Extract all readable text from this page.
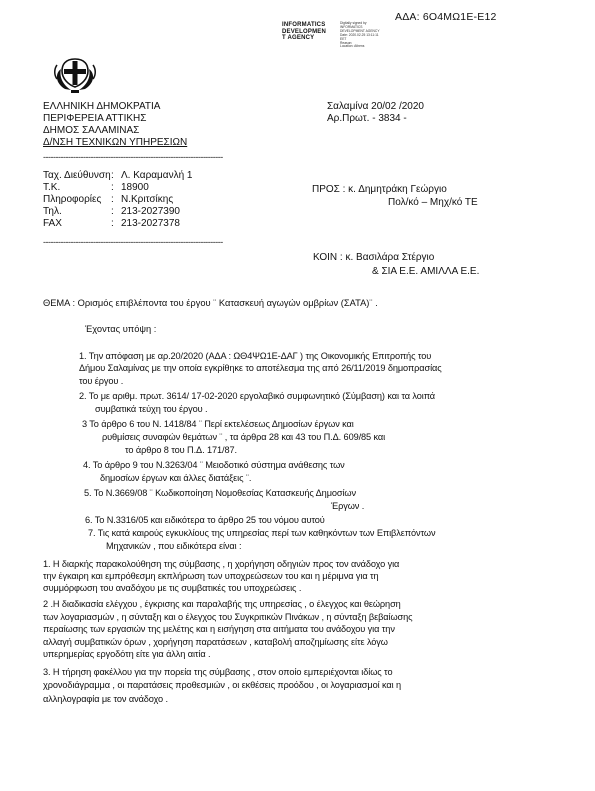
ΑΔΑ: 6Ο4ΜΩ1Ε-Ε12
INFORMATICS
DEVELOPMEN
T AGENCY
Digitally signed by
INFORMATICS
DEVELOPMENT AGENCY
Date: 2020.02.25 13:11:11
EET
Reason:
Location: Athens
ΕΛΛΗΝΙΚΗ ΔΗΜΟΚΡΑΤΙΑ
ΠΕΡΙΦΕΡΕΙΑ ΑΤΤΙΚΗΣ
ΔΗΜΟΣ ΣΑΛΑΜΙΝΑΣ
Δ/ΝΣΗ ΤΕΧΝΙΚΩΝ ΥΠΗΡΕΣΙΩΝ
------------------------------------------------------------------------
Ταχ. Διεύθυνση : Λ. Καραμανλή 1
Τ.Κ.	: 18900
Πληροφορίες : Ν.Κριτσίκης
Τηλ.	: 213-2027390
FAX	: 213-2027378
------------------------------------------------------------------------
Σαλαμίνα 20/02 /2020
Αρ.Πρωτ. - 3834 -
ΠΡΟΣ : κ. Δημητράκη Γεώργιο
Πολ/κό – Μηχ/κό ΤΕ
ΚΟΙΝ : κ. Βασιλάρα Στέργιο
& ΣΙΑ Ε.Ε. ΑΜΙΛΛΑ Ε.Ε.
ΘΕΜΑ : Ορισμός επιβλέποντα του έργου ¨ Κατασκευή αγωγών ομβρίων (ΣΑΤΑ)¨ .
Έχοντας υπόψη :
1. Την απόφαση με αρ.20/2020 (ΑΔΑ : ΩΘ4ΨΩ1Ε-ΔΑΓ ) της Οικονομικής Επιτροπής του
Δήμου Σαλαμίνας με την οποία εγκρίθηκε το αποτέλεσμα της από 26/11/2019 δημοπρασίας
του έργου .
2. Το με αριθμ. πρωτ. 3614/ 17-02-2020 εργολαβικό συμφωνητικό (Σύμβαση) και τα λοιπά
συμβατικά τεύχη του έργου .
3 Το άρθρο 6 του Ν. 1418/84 ¨ Περί εκτελέσεως Δημοσίων έργων και
ρυθμίσεις συναφών θεμάτων ¨ , τα άρθρα 28 και 43 του Π.Δ. 609/85 και
το άρθρο 8 του Π.Δ. 171/87.
4. Το άρθρο 9 του Ν.3263/04 ¨ Μειοδοτικό σύστημα ανάθεσης των
δημοσίων έργων και άλλες διατάξεις ¨.
5. Το Ν.3669/08 ¨ Κωδικοποίηση Νομοθεσίας Κατασκευής Δημοσίων
Έργων .
6. Το Ν.3316/05 και ειδικότερα το άρθρο 25 του νόμου αυτού
7. Τις κατά καιρούς εγκυκλίους της υπηρεσίας περί των καθηκόντων των Επιβλεπόντων
Μηχανικών , που ειδικότερα είναι :
1. Η διαρκής παρακολούθηση της σύμβασης , η χορήγηση οδηγιών προς τον ανάδοχο για
την έγκαιρη και εμπρόθεσμη εκπλήρωση των υποχρεώσεων του και η μέριμνα για τη
συμμόρφωση του αναδόχου με τις συμβατικές του υποχρεώσεις .
2 .Η διαδικασία ελέγχου , έγκρισης και παραλαβής της υπηρεσίας , ο έλεγχος και θεώρηση
των λογαριασμών , η σύνταξη και ο έλεγχος του Συγκριτικών Πινάκων , η σύνταξη βεβαίωσης
περαίωσης των εργασιών της μελέτης και η εισήγηση στα αιτήματα του ανάδοχου για την
αλλαγή συμβατικών όρων , χορήγηση παρατάσεων , καταβολή αποζημίωσης είτε λόγω
υπερημερίας εργοδότη είτε για άλλη αιτία .
3. Η τήρηση φακέλλου για την πορεία της σύμβασης , στον οποίο εμπεριέχονται ιδίως το
χρονοδιάγραμμα , οι παρατάσεις προθεσμιών , οι εκθέσεις προόδου , οι λογαριασμοί και η
αλληλογραφία με τον ανάδοχο .
